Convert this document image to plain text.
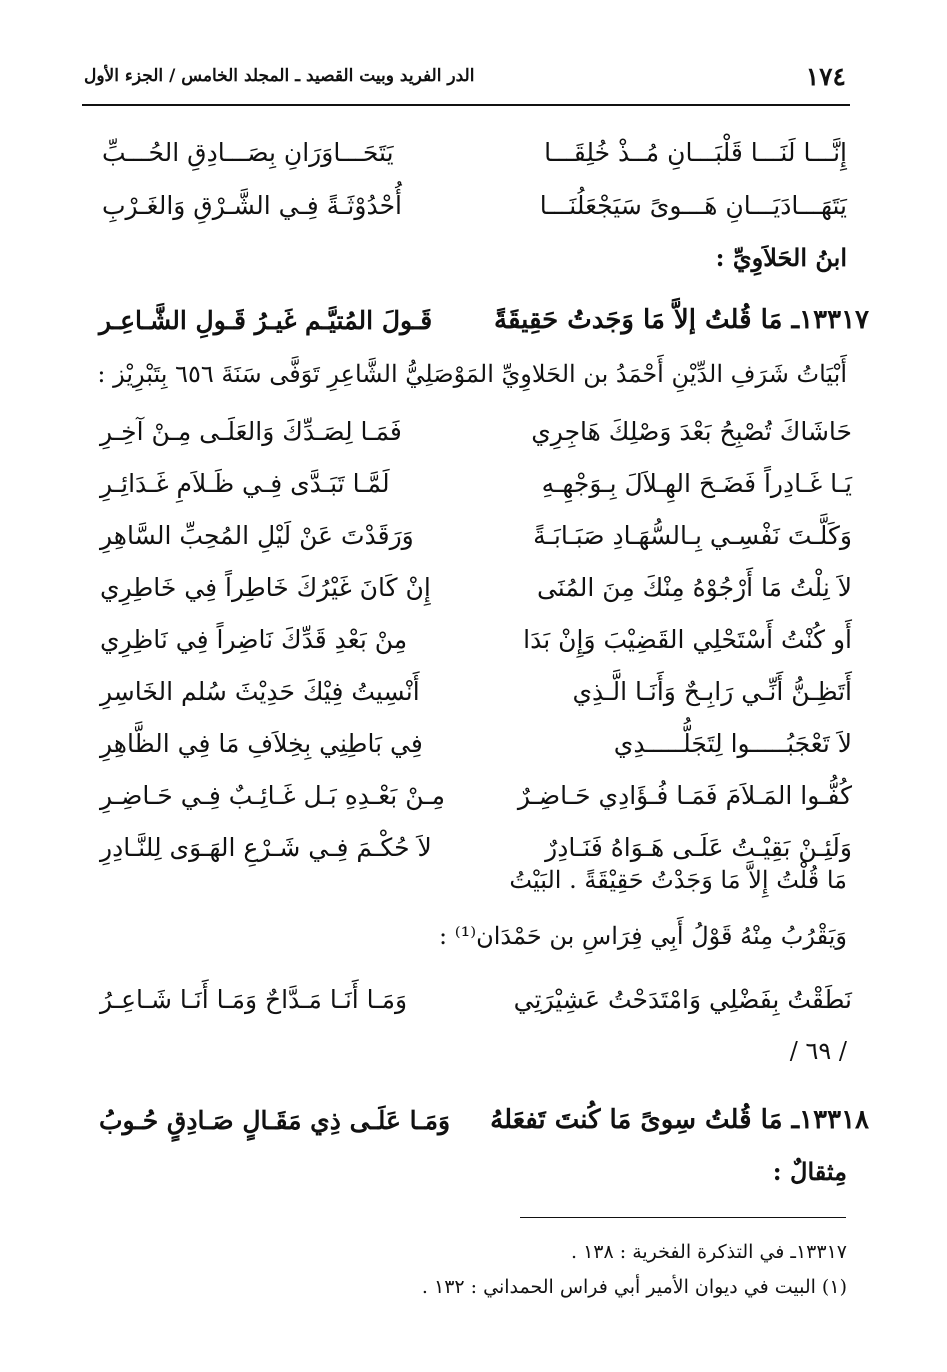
١٧٤
الدر الفريد وبيت القصيد ـ المجلد الخامس / الجزء الأول
إِنَّـــا لَنَـــا قَلْبَـــانِ مُــذْ خُلِقَـــا
يَتَحَـــاوَرَانِ بِصَـــادِقِ الحُـــبِّ
يَتَهَـــادَيَـــانِ هَـــوىً سَيَجْعَلُنَـــا
أُحْدُوْثَـةً فِـي الشَّـرْقِ وَالغَـرْبِ
ابنُ الحَلاَوِيِّ :
١٣٣١٧ـ مَا قُلتُ إلاَّ مَا وَجَدتُ حَقِيقَةً
قَـولَ المُتيَّـم غَيـرُ قَـولِ الشَّـاعِـر
أَبْيَاتُ شَرَفِ الدِّيْنِ أَحْمَدُ بن الحَلاوِيِّ المَوْصَلِيُّ الشَّاعِرِ تَوَفَّى سَنَةَ ٦٥٦ بِتَبْرِيْز :
حَاشَاكَ تُصْبِحُ بَعْدَ وَصْلِكَ هَاجِرِي
فَمَـا لِصَـدِّكَ وَالعَلَـى مِـنْ آخِـرِ
يَـا غَـادِراً فَضَـحَ الهِـلاَلَ بِـوَجْهِـهِ
لَمَّـا تَبَـدَّى فِـي ظَـلاَمِ غَـدَائِـرِ
وَكَلَّـتَ نَفْسِـي بِـالسُّهَـادِ صَبَـابَـةً
وَرَقَدْتَ عَنْ لَيْلِ المُحِبِّ السَّاهِرِ
لاَ نِلْتُ مَا أَرْجُوْهُ مِنْكَ مِنَ المُنَى
إِنْ كَانَ غَيْرُكَ خَاطِراً فِي خَاطِرِي
أَو كُنْتُ أَسْتَحْلِي القَضِيْبَ وَإِنْ بَدَا
مِنْ بَعْدِ قَدِّكَ نَاضِراً فِي نَاظِرِي
أَتَظِـنُّ أَنِّـي رَابِـحٌ وَأَنَـا الَّـذِي
أَنْسِيتُ فِيْكَ حَدِيْثَ سُلم الخَاسِرِ
لاَ تَعْجَبُـــــوا لِتَجَلُّـــــدِي
فِي بَاطِنِي بِخِلاَفِ مَا فِي الظَّاهِرِ
كُفُّـوا المَـلاَمَ فَمَـا فُـؤَادِي حَـاضِـرٌ
مِـنْ بَعْـدِهِ بَـل غَـائِـبٌ فِـي حَـاضِـرِ
وَلَئِـنْ بَقِيْـتُ عَلَـى هَـوَاهُ فَنَـادِرٌ
لاَ حُكْـمَ فِـي شَـرْعِ الهَـوَى لِلنَّـادِرِ
مَا قُلْتُ إِلاَّ مَا وَجَدْتُ حَقِيْقَةً . البَيْتُ
وَيَقْرُبُ مِنْهُ قَوْلُ أَبِي فِرَاسِ بن حَمْدَان⁽¹⁾ :
نَطَقْتُ بِفَضْلِي وَامْتَدَحْتُ عَشِيْرَتِي
وَمَـا أَنَـا مَـدَّاحٌ وَمَـا أَنَـا شَـاعِـرُ
/ ٦٩ /
١٣٣١٨ـ مَا قُلتُ سِوىً مَا كُنتَ تَفعَلهُ
وَمَـا عَلَـى ذِي مَقَـالٍ صَـادِقٍ حُـوبُ
مِثقالٌ :
١٣٣١٧ـ في التذكرة الفخرية : ١٣٨ .
(١) البيت في ديوان الأمير أبي فراس الحمداني : ١٣٢ .
